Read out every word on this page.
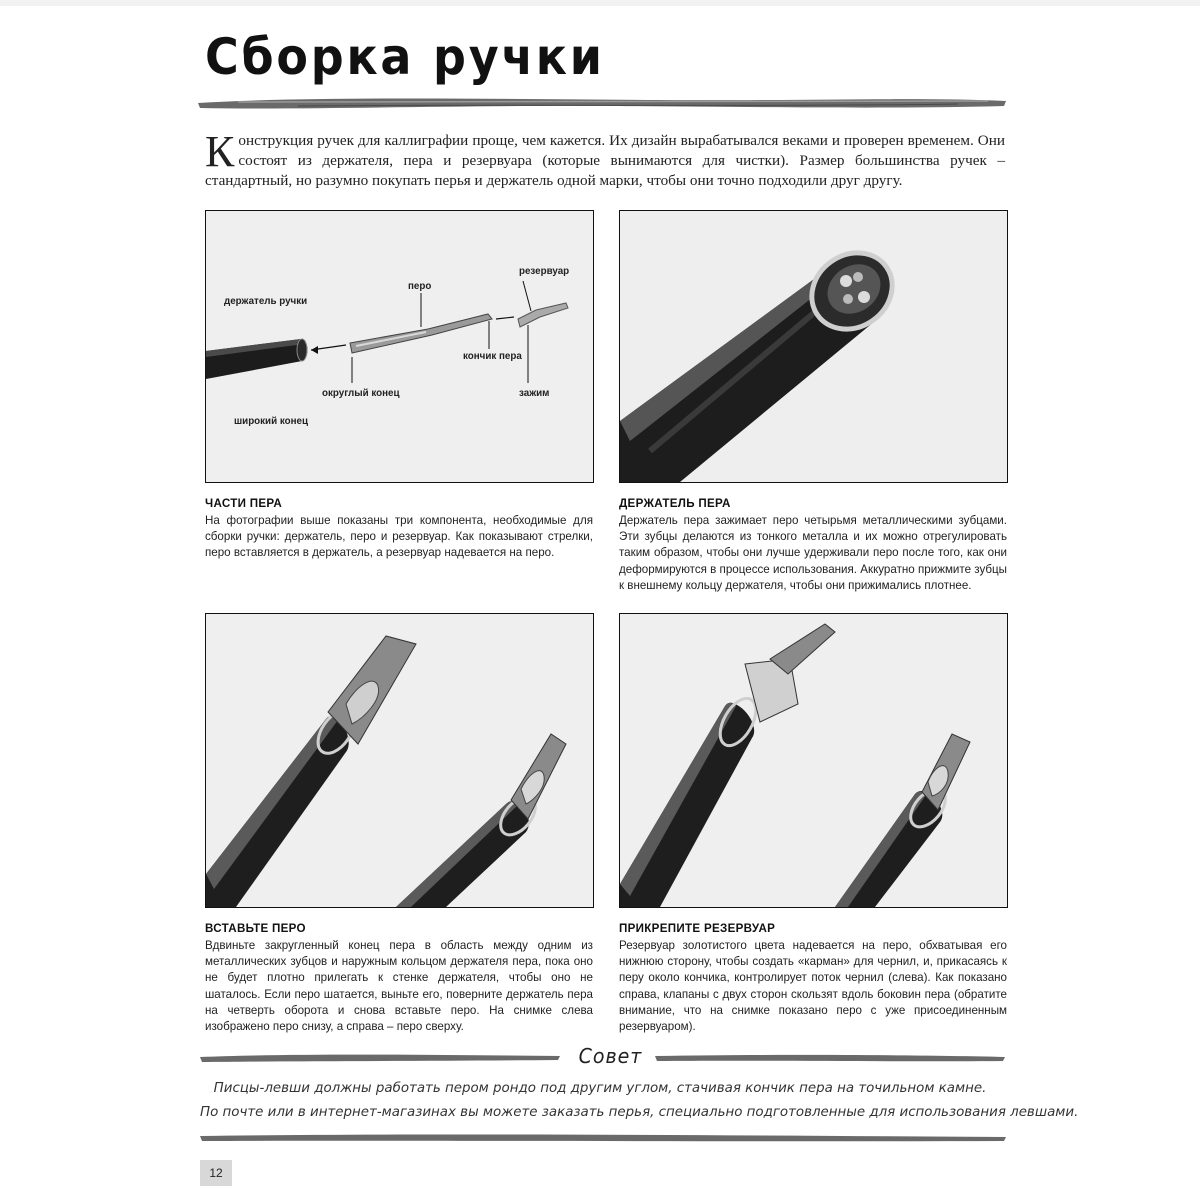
Сборка ручки
Конструкция ручек для каллиграфии проще, чем кажется. Их дизайн вырабатывался веками и проверен временем. Они состоят из держателя, пера и резервуара (которые вынимаются для чистки). Размер большинства ручек – стандартный, но разумно покупать перья и держатель одной марки, чтобы они точно подходили друг другу.
держатель ручки
перо
резервуар
кончик пера
округлый конец	зажим
широкий конец
ЧАСТИ ПЕРА
На фотографии выше показаны три компонента, необходимые для сборки ручки: держатель, перо и резервуар. Как показывают стрелки, перо вставляется в держатель, а резервуар надевается на перо.
ДЕРЖАТЕЛЬ ПЕРА
Держатель пера зажимает перо четырьмя металлическими зубцами. Эти зубцы делаются из тонкого металла и их можно отрегулировать таким образом, чтобы они лучше удерживали перо после того, как они деформируются в процессе использования. Аккуратно прижмите зубцы к внешнему кольцу держателя, чтобы они прижимались плотнее.
ВСТАВЬТЕ ПЕРО
Вдвиньте закругленный конец пера в область между одним из металлических зубцов и наружным кольцом держателя пера, пока оно не будет плотно прилегать к стенке держателя, чтобы оно не шаталось. Если перо шатается, выньте его, поверните держатель пера на четверть оборота и снова вставьте перо. На снимке слева изображено перо снизу, а справа – перо сверху.
ПРИКРЕПИТЕ РЕЗЕРВУАР
Резервуар золотистого цвета надевается на перо, обхватывая его нижнюю сторону, чтобы создать «карман» для чернил, и, прикасаясь к перу около кончика, контролирует поток чернил (слева). Как показано справа, клапаны с двух сторон скользят вдоль боковин пера (обратите внимание, что на снимке показано перо с уже присоединенным резервуаром).
Совет
Писцы-левши должны работать пером рондо под другим углом, стачивая кончик пера на точильном камне.
По почте или в интернет-магазинах вы можете заказать перья, специально подготовленные для использования левшами.
12
